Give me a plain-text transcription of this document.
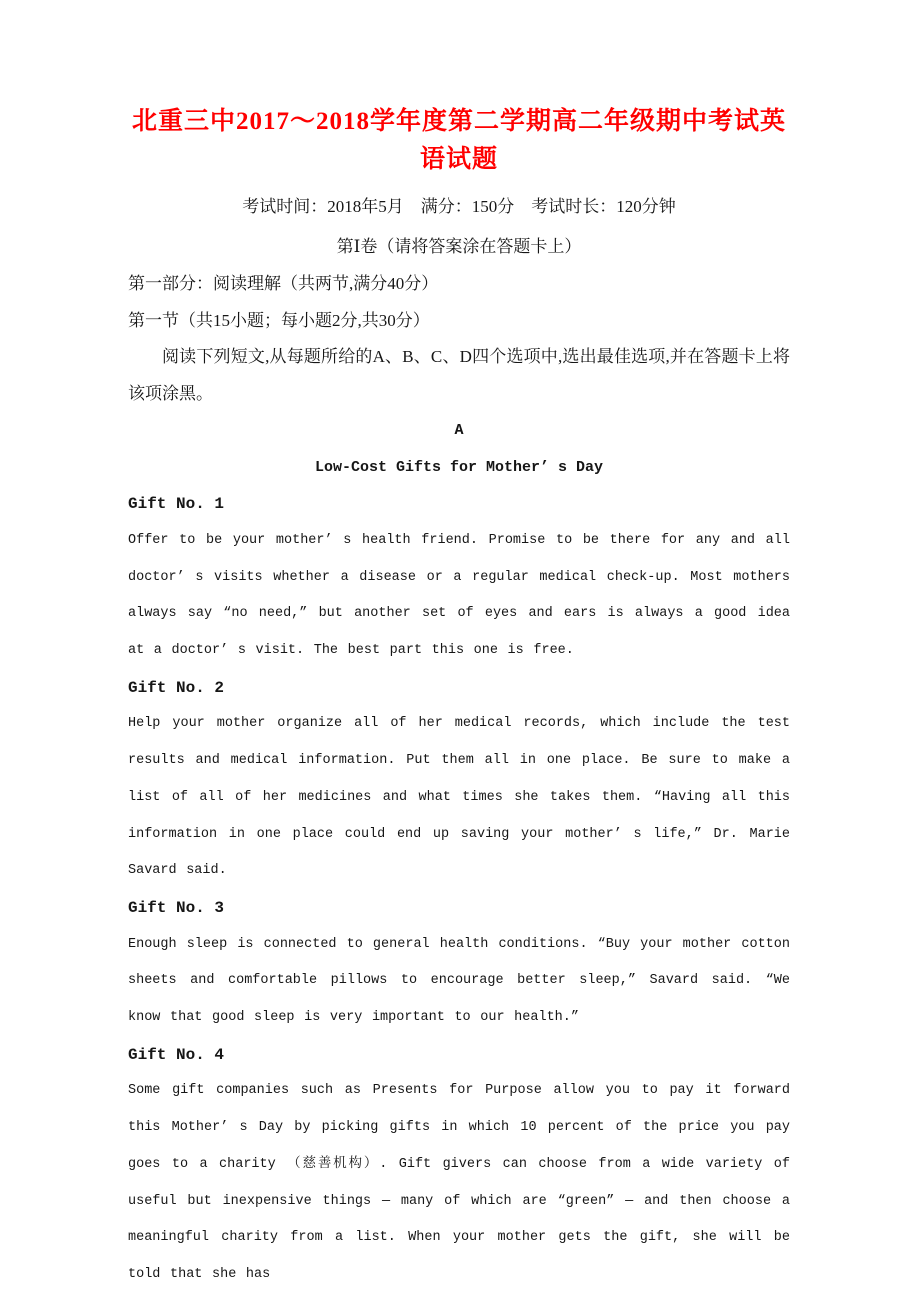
北重三中2017～2018学年度第二学期高二年级期中考试英语试题
考试时间：2018年5月　满分：150分　考试时长：120分钟
第Ⅰ卷（请将答案涂在答题卡上）
第一部分：阅读理解（共两节,满分40分）
第一节（共15小题；每小题2分,共30分）

阅读下列短文,从每题所给的A、B、C、D四个选项中,选出最佳选项,并在答题卡上将该项涂黑。

A
Low-Cost Gifts for Mother’ s Day
Gift No. 1

Offer to be your mother’ s health friend. Promise to be there for any and all doctor’ s visits whether a disease or a regular medical check-up. Most mothers always say “no need,” but another set of eyes and ears is always a good idea at a doctor’ s visit. The best part this one is free.

Gift No. 2

Help your mother organize all of her medical records, which include the test results and medical information. Put them all in one place. Be sure to make a list of all of her medicines and what times she takes them. “Having all this information in one place could end up saving your mother’ s life,” Dr. Marie Savard said.

Gift No. 3

Enough sleep is connected to general health conditions. “Buy your mother cotton sheets and comfortable pillows to encourage better sleep,” Savard said. “We know that good sleep is very important to our health.”

Gift No. 4

Some gift companies such as Presents for Purpose allow you to pay it forward this Mother’ s Day by picking gifts in which 10 percent of the price you pay goes to a charity （慈善机构）. Gift givers can choose from a wide variety of useful but inexpensive things — many of which are “green” — and then choose a meaningful charity from a list. When your mother gets the gift, she will be told that she has
